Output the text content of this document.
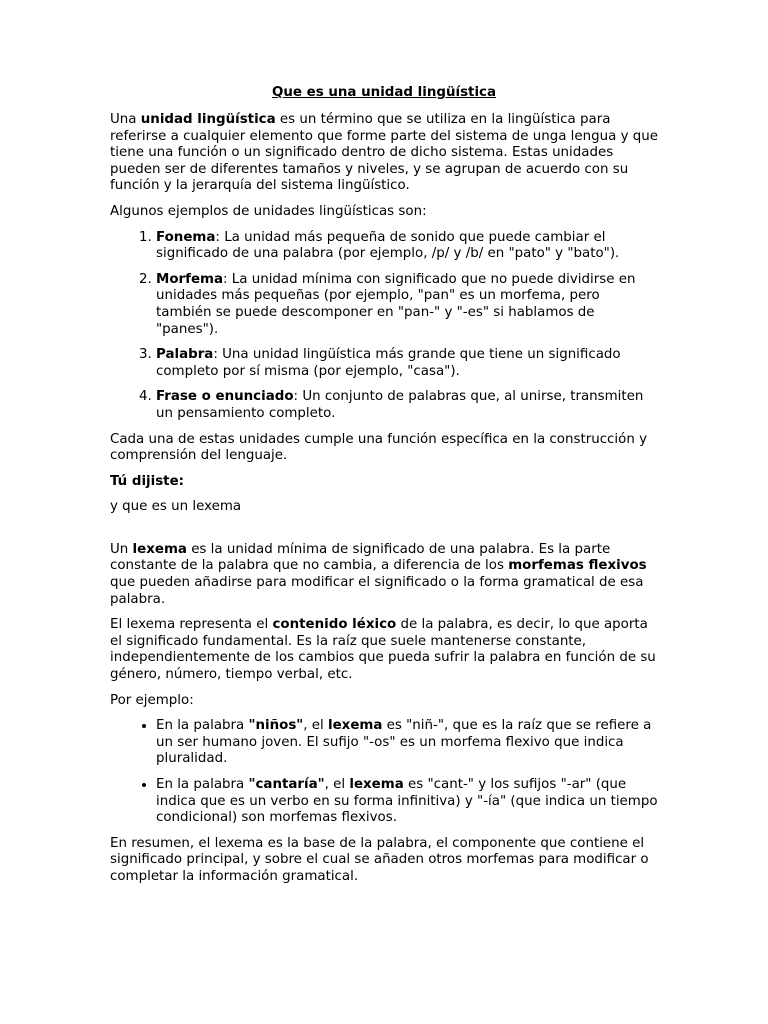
Que es una unidad lingüística

Una unidad lingüística es un término que se utiliza en la lingüística para referirse a cualquier elemento que forme parte del sistema de unga lengua y que tiene una función o un significado dentro de dicho sistema. Estas unidades pueden ser de diferentes tamaños y niveles, y se agrupan de acuerdo con su función y la jerarquía del sistema lingüístico.

Algunos ejemplos de unidades lingüísticas son:

1. Fonema: La unidad más pequeña de sonido que puede cambiar el significado de una palabra (por ejemplo, /p/ y /b/ en "pato" y "bato").
2. Morfema: La unidad mínima con significado que no puede dividirse en unidades más pequeñas (por ejemplo, "pan" es un morfema, pero también se puede descomponer en "pan-" y "-es" si hablamos de "panes").
3. Palabra: Una unidad lingüística más grande que tiene un significado completo por sí misma (por ejemplo, "casa").
4. Frase o enunciado: Un conjunto de palabras que, al unirse, transmiten un pensamiento completo.

Cada una de estas unidades cumple una función específica en la construcción y comprensión del lenguaje.

Tú dijiste:

y que es un lexema

Un lexema es la unidad mínima de significado de una palabra. Es la parte constante de la palabra que no cambia, a diferencia de los morfemas flexivos que pueden añadirse para modificar el significado o la forma gramatical de esa palabra.

El lexema representa el contenido léxico de la palabra, es decir, lo que aporta el significado fundamental. Es la raíz que suele mantenerse constante, independientemente de los cambios que pueda sufrir la palabra en función de su género, número, tiempo verbal, etc.

Por ejemplo:

• En la palabra "niños", el lexema es "niñ-", que es la raíz que se refiere a un ser humano joven. El sufijo "-os" es un morfema flexivo que indica pluralidad.
• En la palabra "cantaría", el lexema es "cant-" y los sufijos "-ar" (que indica que es un verbo en su forma infinitiva) y "-ía" (que indica un tiempo condicional) son morfemas flexivos.

En resumen, el lexema es la base de la palabra, el componente que contiene el significado principal, y sobre el cual se añaden otros morfemas para modificar o completar la información gramatical.
